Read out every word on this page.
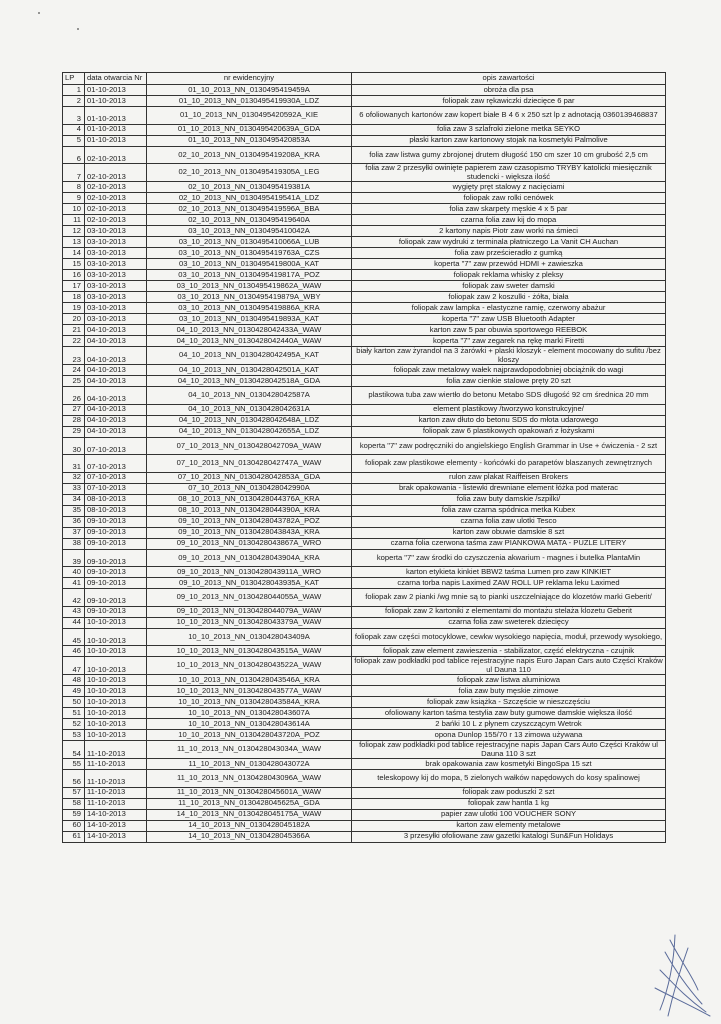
LP	data otwarcia Nr	nr ewidencyjny	opis zawartości
1	01-10-2013	01_10_2013_NN_0130495419459A	obroża dla psa
2	01-10-2013	01_10_2013_NN_0130495419930A_LDZ	foliopak zaw rękawiczki dziecięce 6 par
3	01-10-2013	01_10_2013_NN_0130495420592A_KIE	6 ofoliowanych kartonów zaw kopert białe B 4 6 x 250 szt lp z adnotacją 0360139468837
4	01-10-2013	01_10_2013_NN_0130495420639A_GDA	folia zaw 3 szlafroki zielone metka SEYKO
5	01-10-2013	01_10_2013_NN_0130495420853A	płaski karton zaw kartonowy stojak na kosmetyki Palmolive
6	02-10-2013	02_10_2013_NN_0130495419208A_KRA	folia zaw listwa gumy zbrojonej drutem długość 150 cm szer 10 cm grubość 2,5 cm
7	02-10-2013	02_10_2013_NN_0130495419305A_LEG	folia zaw 2 przesyłki owinięte papierem zaw czasopismo TRYBY katolicki miesięcznik studencki - większa ilość
8	02-10-2013	02_10_2013_NN_0130495419381A	wygięty pręt stalowy z nacięciami
9	02-10-2013	02_10_2013_NN_0130495419541A_LDZ	foliopak zaw rolki cenówek
10	02-10-2013	02_10_2013_NN_0130495419596A_BBA	folia zaw skarpety męskie 4 x 5 par
11	02-10-2013	02_10_2013_NN_0130495419640A	czarna folia zaw kij do mopa
12	03-10-2013	03_10_2013_NN_0130495410042A	2 kartony napis Piotr zaw worki na śmieci
13	03-10-2013	03_10_2013_NN_0130495410066A_LUB	foliopak zaw wydruki z terminala płatniczego La Vanit CH Auchan
14	03-10-2013	03_10_2013_NN_0130495419763A_CZS	folia zaw prześcieradło z gumką
15	03-10-2013	03_10_2013_NN_0130495419800A_KAT	koperta "7" zaw przewód HDMI + zawieszka
16	03-10-2013	03_10_2013_NN_0130495419817A_POZ	foliopak reklama whisky z pleksy
17	03-10-2013	03_10_2013_NN_0130495419862A_WAW	foliopak zaw sweter damski
18	03-10-2013	03_10_2013_NN_0130495419879A_WBY	foliopak zaw 2 koszulki - żółta, biała
19	03-10-2013	03_10_2013_NN_0130495419886A_KRA	foliopak zaw lampka - elastyczne ramię, czerwony abażur
20	03-10-2013	03_10_2013_NN_0130495419893A_KAT	koperta "7" zaw USB Bluetooth Adapter
21	04-10-2013	04_10_2013_NN_0130428042433A_WAW	karton zaw 5 par obuwia sportowego REEBOK
22	04-10-2013	04_10_2013_NN_0130428042440A_WAW	koperta "7" zaw zegarek na rękę marki Firetti
23	04-10-2013	04_10_2013_NN_0130428042495A_KAT	biały karton zaw żyrandol na 3 żarówki + plaski kloszyk - element mocowany do sufitu /bez kloszy
24	04-10-2013	04_10_2013_NN_0130428042501A_KAT	foliopak zaw metalowy wałek najprawdopodobniej obciążnik do wagi
25	04-10-2013	04_10_2013_NN_0130428042518A_GDA	folia zaw cienkie stalowe pręty 20 szt
26	04-10-2013	04_10_2013_NN_0130428042587A	plastikowa tuba zaw wiertło do betonu Metabo SDS długość 92 cm średnica 20 mm
27	04-10-2013	04_10_2013_NN_0130428042631A	element plastikowy /tworzywo konstrukcyjne/
28	04-10-2013	04_10_2013_NN_0130428042648A_LDZ	karton zaw dłuto do betonu SDS do młota udarowego
29	04-10-2013	04_10_2013_NN_0130428042655A_LDZ	foliopak zaw 6 plastikowych opakowań z łożyskami
30	07-10-2013	07_10_2013_NN_0130428042709A_WAW	koperta "7" zaw podręczniki do angielskiego English Grammar in Use + ćwiczenia - 2 szt
31	07-10-2013	07_10_2013_NN_0130428042747A_WAW	foliopak zaw plastikowe elementy - końcówki do parapetów blaszanych zewnętrznych
32	07-10-2013	07_10_2013_NN_0130428042853A_GDA	rulon zaw plakat Raiffeisen Brokers
33	07-10-2013	07_10_2013_NN_0130428042990A	brak opakowania - listewki drewniane element łóżka pod materac
34	08-10-2013	08_10_2013_NN_0130428044376A_KRA	folia zaw buty damskie /szpilki/
35	08-10-2013	08_10_2013_NN_0130428044390A_KRA	folia zaw czarna spódnica metka Kubex
36	09-10-2013	09_10_2013_NN_0130428043782A_POZ	czarna folia zaw ulotki Tesco
37	09-10-2013	09_10_2013_NN_0130428043843A_KRA	karton zaw obuwie damskie 8 szt
38	09-10-2013	09_10_2013_NN_0130428043867A_WRO	czarna folia czerwona taśma zaw PIANKOWA MATA - PUZLE LITERY
39	09-10-2013	09_10_2013_NN_0130428043904A_KRA	koperta "7" zaw środki do czyszczenia akwarium - magnes i butelka PlantaMin
40	09-10-2013	09_10_2013_NN_0130428043911A_WRO	karton etykieta kinkiet BBW2 taśma Lumen pro zaw KINKIET
41	09-10-2013	09_10_2013_NN_0130428043935A_KAT	czarna torba napis Laximed ZAW ROLL UP reklama leku Laximed
42	09-10-2013	09_10_2013_NN_0130428044055A_WAW	foliopak zaw 2 pianki /wg mnie są to pianki uszczelniające do klozetów marki Geberit/
43	09-10-2013	09_10_2013_NN_0130428044079A_WAW	foliopak zaw 2 kartoniki z elementami do montażu stelaża klozetu Geberit
44	10-10-2013	10_10_2013_NN_0130428043379A_WAW	czarna folia zaw sweterek dziecięcy
45	10-10-2013	10_10_2013_NN_0130428043409A	foliopak zaw części motocyklowe, cewkw wysokiego napięcia, moduł, przewody wysokiego,
46	10-10-2013	10_10_2013_NN_0130428043515A_WAW	foliopak zaw element zawieszenia - stabilizator, część elektryczna - czujnik
47	10-10-2013	10_10_2013_NN_0130428043522A_WAW	foliopak zaw podkładki pod tablice rejestracyjne napis Euro Japan Cars auto Części Kraków ul Dauna 110
48	10-10-2013	10_10_2013_NN_0130428043546A_KRA	foliopak zaw listwa aluminiowa
49	10-10-2013	10_10_2013_NN_0130428043577A_WAW	folia zaw buty męskie zimowe
50	10-10-2013	10_10_2013_NN_0130428043584A_KRA	foliopak zaw książka - Szczęście w nieszczęściu
51	10-10-2013	10_10_2013_NN_0130428043607A	ofoliowany karton taśma testylia zaw buty gumowe damskie większa ilość
52	10-10-2013	10_10_2013_NN_0130428043614A	2 bańki 10 L z płynem czyszczącym Wetrok
53	10-10-2013	10_10_2013_NN_0130428043720A_POZ	opona Dunlop 155/70 r 13 zimowa używana
54	11-10-2013	11_10_2013_NN_0130428043034A_WAW	foliopak zaw podkładki pod tablice rejestracyjne napis Japan Cars Auto Części Kraków ul Dauna 110 3 szt
55	11-10-2013	11_10_2013_NN_0130428043072A	brak opakowania zaw kosmetyki BingoSpa 15 szt
56	11-10-2013	11_10_2013_NN_0130428043096A_WAW	teleskopowy kij do mopa, 5 zielonych wałków napędowych do kosy spalinowej
57	11-10-2013	11_10_2013_NN_0130428045601A_WAW	foliopak zaw poduszki 2 szt
58	11-10-2013	11_10_2013_NN_0130428045625A_GDA	foliopak zaw hantla 1 kg
59	14-10-2013	14_10_2013_NN_0130428045175A_WAW	papier zaw ulotki 100 VOUCHER SONY
60	14-10-2013	14_10_2013_NN_0130428045182A	karton zaw elementy metalowe
61	14-10-2013	14_10_2013_NN_0130428045366A	3 przesyłki ofoliowane zaw gazetki katalogi Sun&Fun Holidays
